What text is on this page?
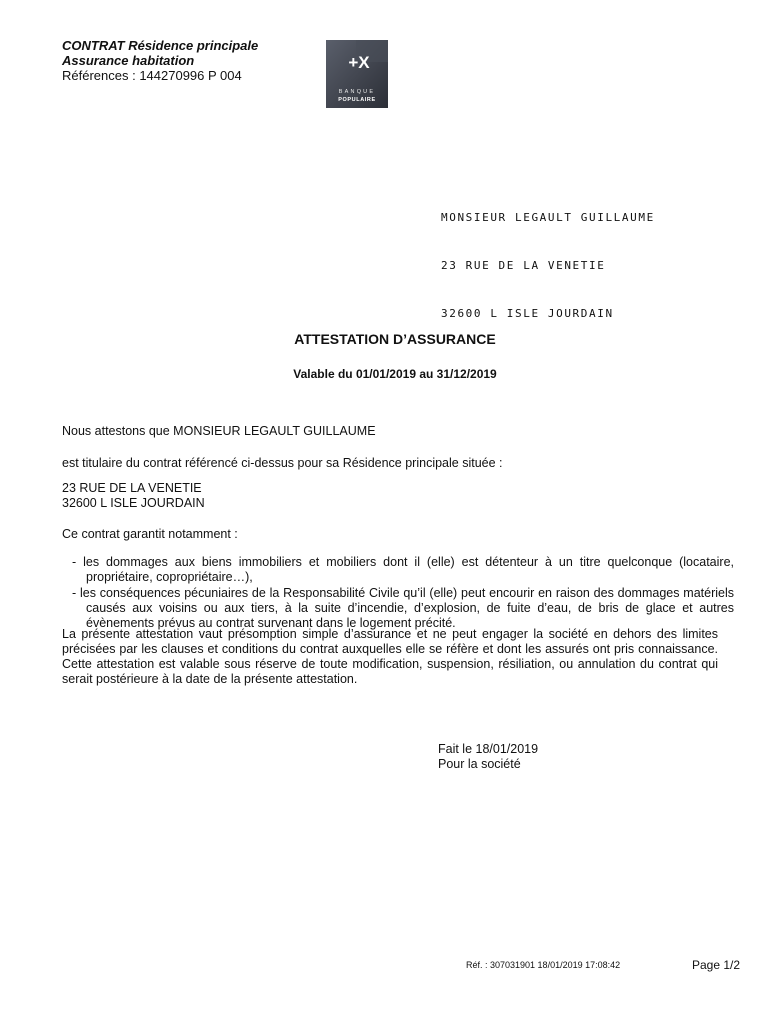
CONTRAT Résidence principale
Assurance habitation
Références : 144270996 P 004
+X
BANQUE
POPULAIRE

MONSIEUR LEGAULT GUILLAUME

23 RUE DE LA VENETIE

32600 L ISLE JOURDAIN

ATTESTATION D’ASSURANCE
Valable du 01/01/2019 au 31/12/2019
Nous attestons que MONSIEUR LEGAULT GUILLAUME
est titulaire du contrat référencé ci-dessus pour sa Résidence principale située :
23 RUE DE LA VENETIE
32600 L ISLE JOURDAIN
Ce contrat garantit notamment :
- les dommages aux biens immobiliers et mobiliers dont il (elle) est détenteur à un titre quelconque (locataire, propriétaire, copropriétaire…),
- les conséquences pécuniaires de la Responsabilité Civile qu’il (elle) peut encourir en raison des dommages matériels causés aux voisins ou aux tiers, à la suite d’incendie, d’explosion, de fuite d’eau, de bris de glace et autres évènements prévus au contrat survenant dans le logement précité.
La présente attestation vaut présomption simple d’assurance et ne peut engager la société en dehors des limites précisées par les clauses et conditions du contrat auxquelles elle se réfère et dont les assurés ont pris connaissance. Cette attestation est valable sous réserve de toute modification, suspension, résiliation, ou annulation du contrat qui serait postérieure à la date de la présente attestation.
Fait le 18/01/2019
Pour la société
Réf. : 307031901 18/01/2019 17:08:42	Page 1/2
